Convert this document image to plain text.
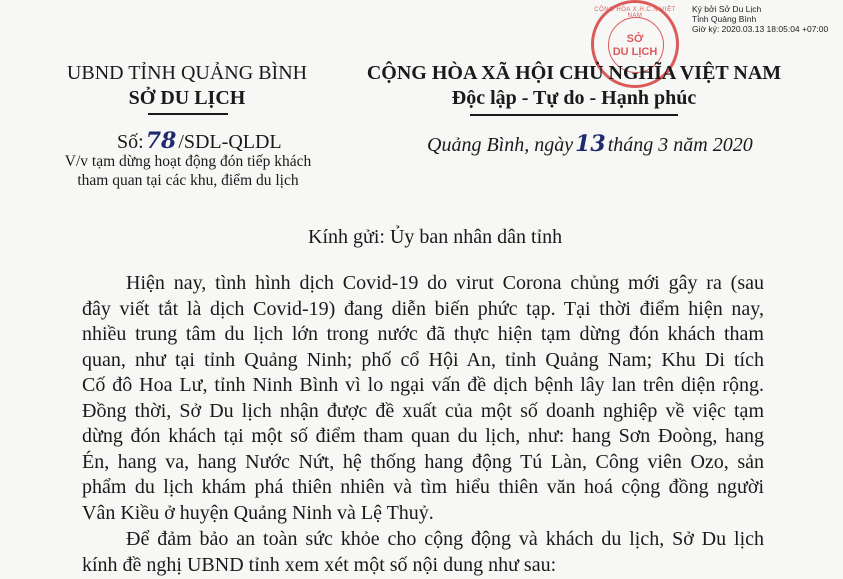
Ký bởi Sở Du Lịch
Tỉnh Quảng Bình
Giờ ký: 2020.03.13 18:05:04 +07:00
CỘNG HÒA X.H.C.N VIỆT NAM
SỞ
DU LỊCH
UBND TỈNH QUẢNG BÌNH
SỞ DU LỊCH
CỘNG HÒA XÃ HỘI CHỦ NGHĨA VIỆT NAM
Độc lập - Tự do - Hạnh phúc
Số:78 /SDL-QLDL
V/v tạm dừng hoạt động đón tiếp khách
tham quan tại các khu, điểm du lịch
Quảng Bình, ngày13 tháng 3 năm 2020
Kính gửi: Ủy ban nhân dân tỉnh
Hiện nay, tình hình dịch Covid-19 do virut Corona chủng mới gây ra (sau
đây viết tắt là dịch Covid-19) đang diễn biến phức tạp. Tại thời điểm hiện nay,
nhiều trung tâm du lịch lớn trong nước đã thực hiện tạm dừng đón khách tham
quan, như tại tỉnh Quảng Ninh; phố cổ Hội An, tỉnh Quảng Nam; Khu Di tích
Cố đô Hoa Lư, tỉnh Ninh Bình vì lo ngại vấn đề dịch bệnh lây lan trên diện rộng.
Đồng thời, Sở Du lịch nhận được đề xuất của một số doanh nghiệp về việc tạm
dừng đón khách tại một số điểm tham quan du lịch, như: hang Sơn Đoòng, hang
Én, hang va, hang Nước Nứt, hệ thống hang động Tú Làn, Công viên Ozo, sản
phẩm du lịch khám phá thiên nhiên và tìm hiểu thiên văn hoá cộng đồng người
Vân Kiều ở huyện Quảng Ninh và Lệ Thuỷ.
Để đảm bảo an toàn sức khỏe cho cộng động và khách du lịch, Sở Du lịch
kính đề nghị UBND tỉnh xem xét một số nội dung như sau:
